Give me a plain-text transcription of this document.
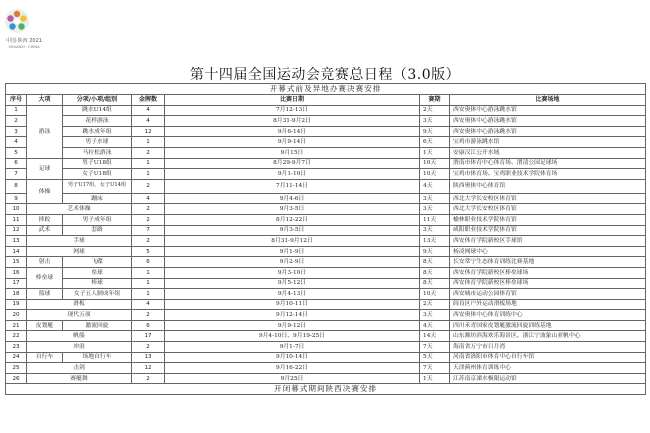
中国·陕西 2021
SHAANXI · CHINA
第十四届全国运动会竞赛总日程（3.0版）
开幕式前及异地办赛决赛安排						
序号	大项	分项/小项/组别	金牌数	比赛日期	赛期	比赛场地
1	游泳	跳水U14组	4	7月12-13日	2天	西安奥体中心游泳跳水馆
2		花样游泳	4	8月31-9月2日	3天	西安奥体中心游泳跳水馆
3		跳水成年组	12	9月6-14日	9天	西安奥体中心游泳跳水馆
4		男子水球	1	9月9-14日	6天	宝鸡市游泳跳水馆
5		马拉松游泳	2	9月15日	1天	安康汉江公开水域
6	足球	男子U18组	1	8月29-9月7日	10天	渭南市体育中心体育场、渭清公园足球场
7		女子U18组	1	9月1-10日	10天	宝鸡市体育场、宝鸡职业技术学院体育场
8	体操	男子U17组、女子U14组	2	7月11-14日	4天	陕西奥体中心体育馆
9		蹦床	4	9月4-6日	3天	西北大学长安校区体育馆
10	艺术体操		2	9月3-5日	3天	西北大学长安校区体育馆
11	摔跤	男子成年组	2	8月12-22日	11天	榆林职业技术学院体育馆
12	武术	套路	7	9月3-5日	3天	咸阳职业技术学院体育馆
13	手球		2	8月31-9月12日	13天	西安体育学院新校区手球馆
14	网球		5	9月1-9日	9天	杨凌网球中心
15	射击	飞碟	6	9月2-9日	8天	长安常宁生态体育训练比赛基地
16	棒垒球	垒球	1	9月3-10日	8天	西安体育学院新校区棒垒球场
17		棒球	1	9月5-12日	8天	西安体育学院新校区棒垒球场
18	篮球	女子五人制成年组	1	9月4-13日	10天	西安城市运动公园体育馆
19	滑板		4	9月10-11日	2天	阎良区户外运动滑板场地
20	现代五项		2	9月12-14日	3天	西安奥体中心体育训练中心
21	皮划艇	激流回旋	6	9月9-12日	4天	四川禾青国家皮划艇激流回旋训练基地
22	帆船		17	9月4-10日、9月19-25日	14天	山东潍坊滨海欢乐海景区、浙江宁波象山亚帆中心
23	冲浪		2	9月1-7日	7天	海南省万宁市日月湾
24	自行车	场地自行车	13	9月10-14日	5天	河南省洛阳市体育中心自行车馆
25	击剑		12	9月16-22日	7天	天津蓟州体育训练中心
26	赛艇舞		2	9月25日	1天	江苏南京溧水极限运动馆
开闭幕式期间陕西决赛安排						
